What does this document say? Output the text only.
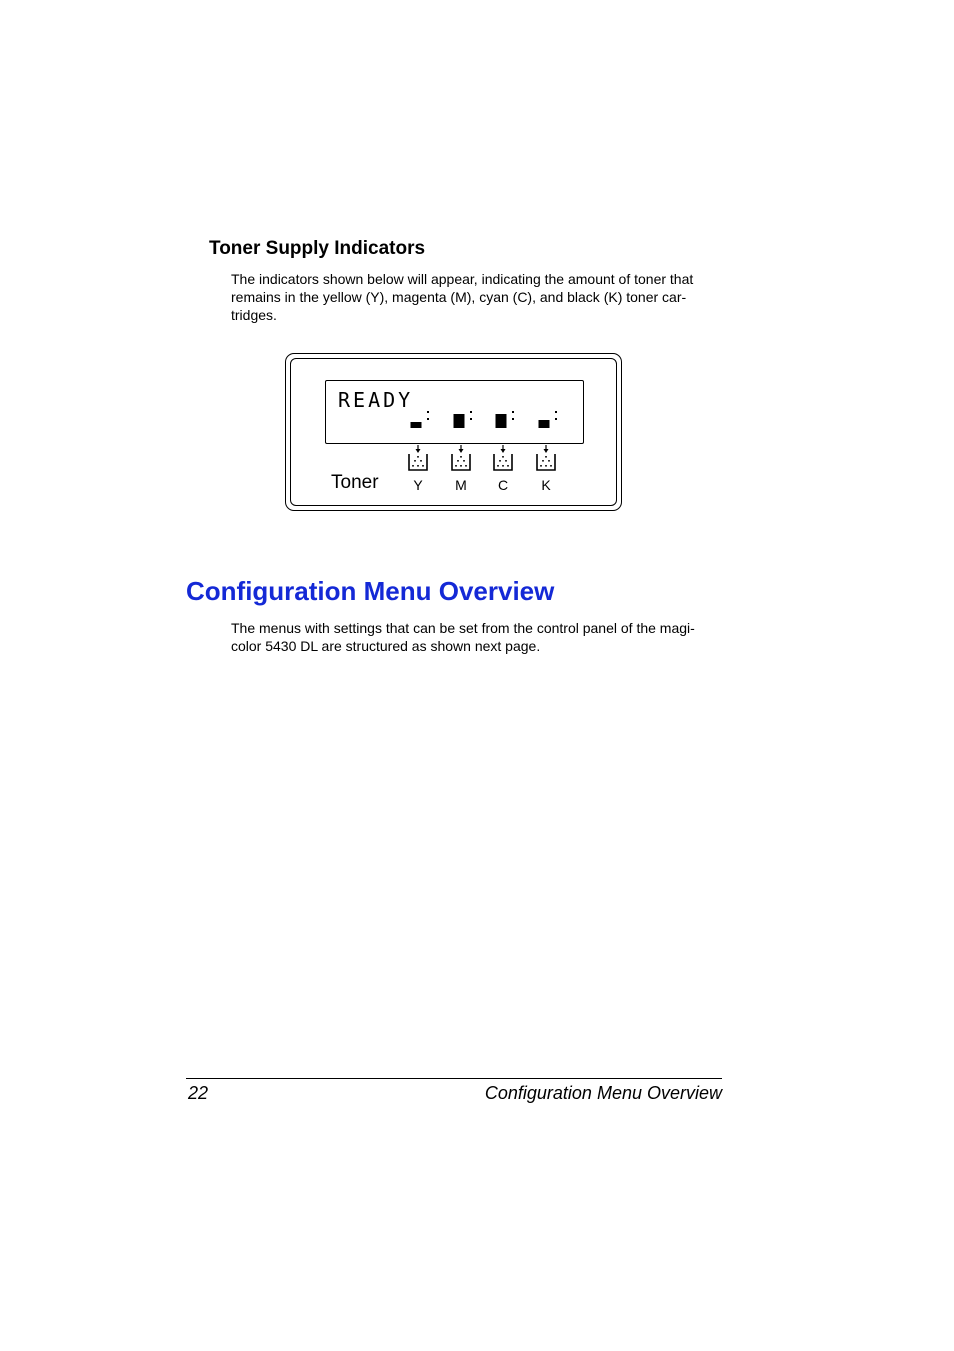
Toner Supply Indicators
The indicators shown below will appear, indicating the amount of toner that
remains in the yellow (Y), magenta (M), cyan (C), and black (K) toner car-
tridges.
READY
Toner Y M C K
Configuration Menu Overview
The menus with settings that can be set from the control panel of the magi-
color 5430 DL are structured as shown next page.
22	Configuration Menu Overview
